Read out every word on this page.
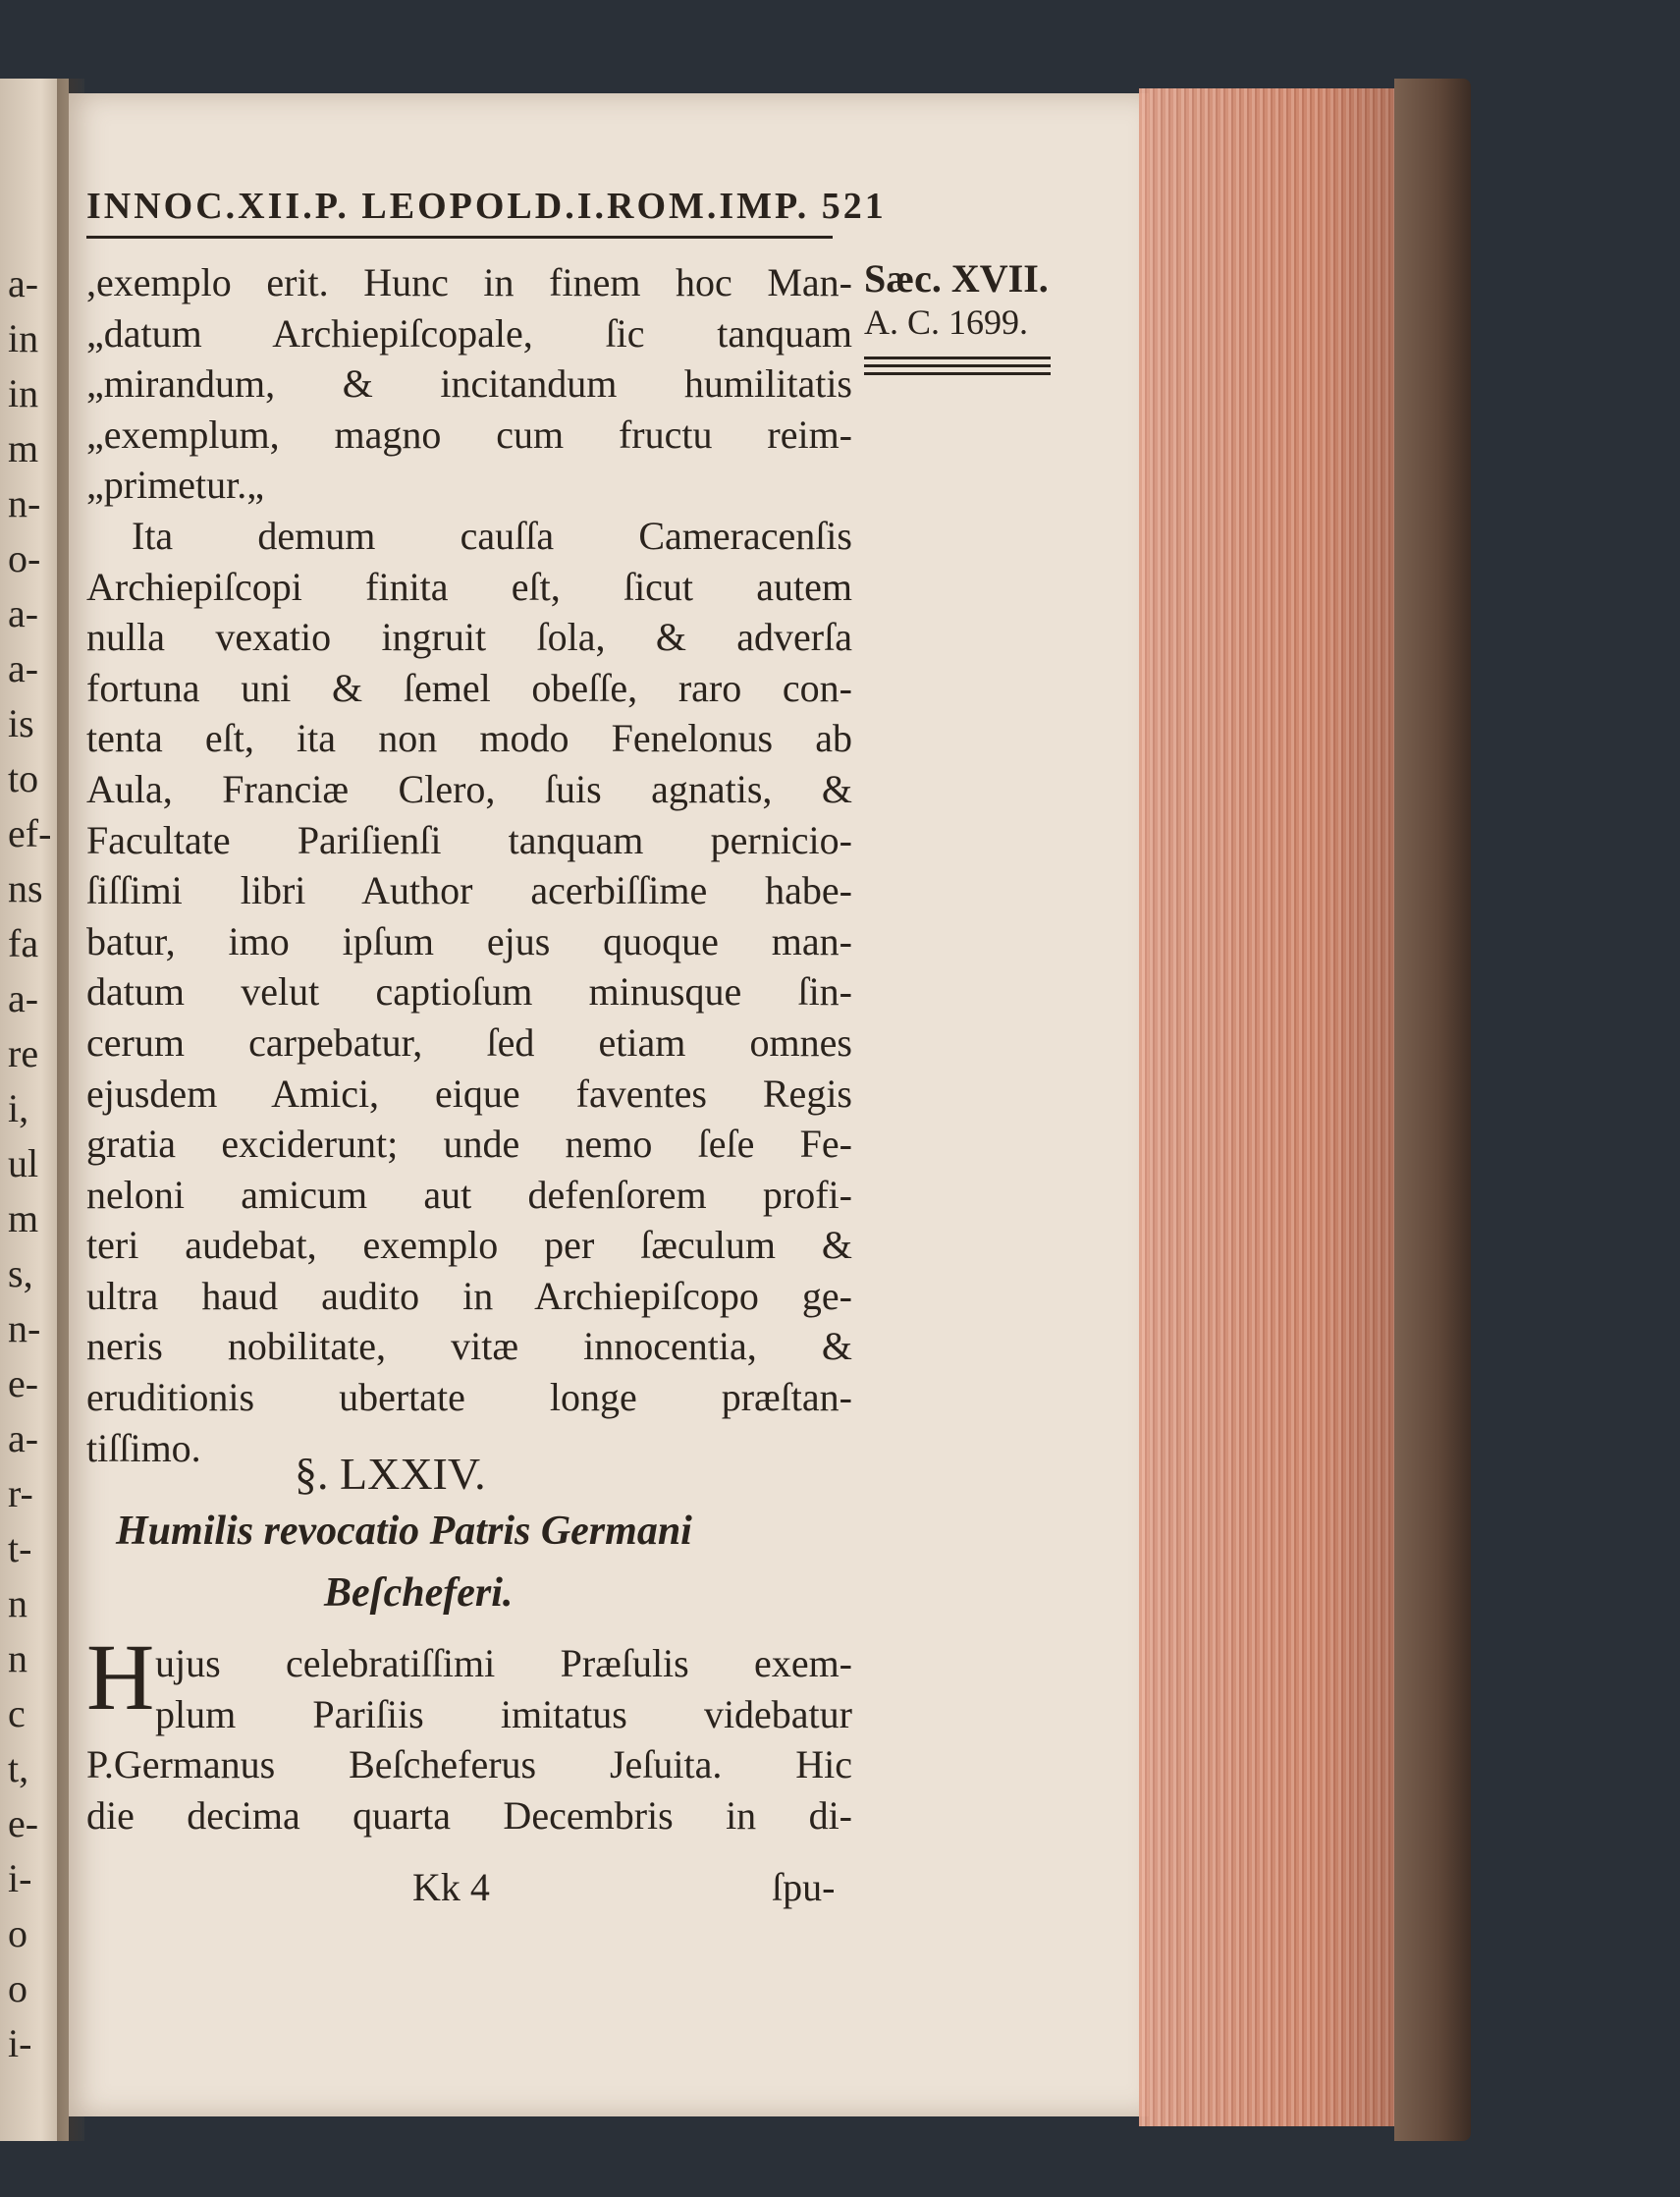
a-
in
in
m
n-
o-
a-
a-
is
to
ef-
ns
fa
a-
re
i,
ul
m
s,
n-
e-
a-
r-
t-
n
n
c
t,
e-
i-
o
o
i-
INNOC.XII.P. LEOPOLD.I.ROM.IMP. 521
Sæc. XVII.
A. C. 1699.
,exemplo erit. Hunc in finem hoc Man-
„datum Archiepiſcopale, ſic tanquam
„mirandum, & incitandum humilitatis
„exemplum, magno cum fructu reim-
„primetur.„
Ita demum cauſſa Cameracenſis
Archiepiſcopi finita eſt, ſicut autem
nulla vexatio ingruit ſola, & adverſa
fortuna uni & ſemel obeſſe, raro con-
tenta eſt, ita non modo Fenelonus ab
Aula, Franciæ Clero, ſuis agnatis, &
Facultate Pariſienſi tanquam pernicio-
ſiſſimi libri Author acerbiſſime habe-
batur, imo ipſum ejus quoque man-
datum velut captioſum minusque ſin-
cerum carpebatur, ſed etiam omnes
ejusdem Amici, eique faventes Regis
gratia exciderunt; unde nemo ſeſe Fe-
neloni amicum aut defenſorem profi-
teri audebat, exemplo per ſæculum &
ultra haud audito in Archiepiſcopo ge-
neris nobilitate, vitæ innocentia, &
eruditionis ubertate longe præſtan-
tiſſimo.
§. LXXIV.
Humilis revocatio Patris Germani
Beſcheferi.
H ujus celebratiſſimi Præſulis exem-
plum Pariſiis imitatus videbatur
P.Germanus Beſcheferus Jeſuita. Hic
die decima quarta Decembris in di-
Kk 4	ſpu-
